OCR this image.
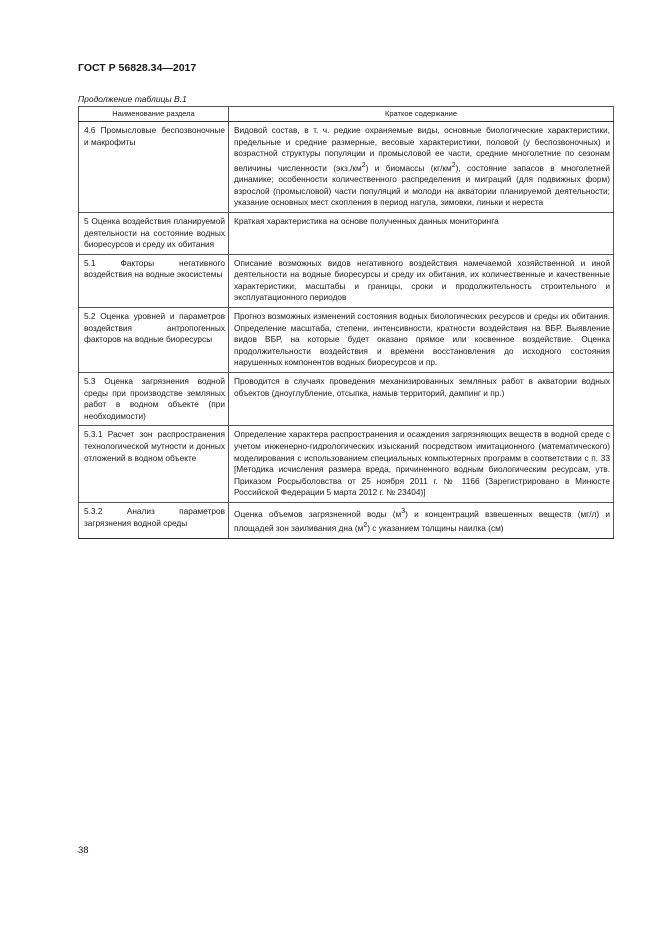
ГОСТ Р 56828.34—2017
Продолжение таблицы В.1
Наименование раздела	Краткое содержание
4.6 Промысловые беспозвоночные и макрофиты	Видовой состав, в т. ч. редкие охраняемые виды, основные биологические характеристики, предельные и средние размерные, весовые характеристики, половой (у беспозвоночных) и возрастной структуры популяции и промысловой ее части, средние многолетние по сезонам величины численности $(экз./км^2)$ и биомассы $(кг/км^2)$, состояние запасов в многолетней динамике; особенности количественного распределения и миграций (для подвижных форм) взрослой (промысловой) части популяций и молоди на акватории планируемой деятельности; указание основных мест скопления в период нагула, зимовки, линьки и нереста
5 Оценка воздействия планируемой деятельности на состояние водных биоресурсов и среду их обитания	Краткая характеристика на основе полученных данных мониторинга
5.1 Факторы негативного воздействия на водные экосистемы	Описание возможных видов негативного воздействия намечаемой хозяйственной и иной деятельности на водные биоресурсы и среду их обитания, их количественные и качественные характеристики, масштабы и границы, сроки и продолжительность строительного и эксплуатационного периодов
5.2 Оценка уровней и параметров воздействия антропогенных факторов на водные биоресурсы	Прогноз возможных изменений состояния водных биологических ресурсов и среды их обитания. Определение масштаба, степени, интенсивности, кратности воздействия на ВБР. Выявление видов ВБР, на которые будет оказано прямое или косвенное воздействие. Оценка продолжительности воздействия и времени восстановления до исходного состояния нарушенных компонентов водных биоресурсов и пр.
5.3 Оценка загрязнения водной среды при производстве земляных работ в водном объекте (при необходимости)	Проводится в случаях проведения механизированных земляных работ в акватории водных объектов (дноуглубление, отсыпка, намыв территорий, дампинг и пр.)
5.3.1 Расчет зон распространения технологической мутности и донных отложений в водном объекте	Определение характера распространения и осаждения загрязняющих веществ в водной среде с учетом инженерно-гидрологических изысканий посредством имитационного (математического) моделирования с использованием специальных компьютерных программ в соответствии с п. 33 [Методика исчисления размера вреда, причиненного водным биологическим ресурсам, утв. Приказом Росрыболовства от 25 ноября 2011 г. № 1166 (Зарегистрировано в Минюсте Российской Федерации 5 марта 2012 г. № 23404)]
5.3.2 Анализ параметров загрязнения водной среды	Оценка объемов загрязненной воды $(м^3)$ и концентраций взвешенных веществ (мг/л) и площадей зон заиливания дна $(м^2)$ с указанием толщины наилка (см)
38
